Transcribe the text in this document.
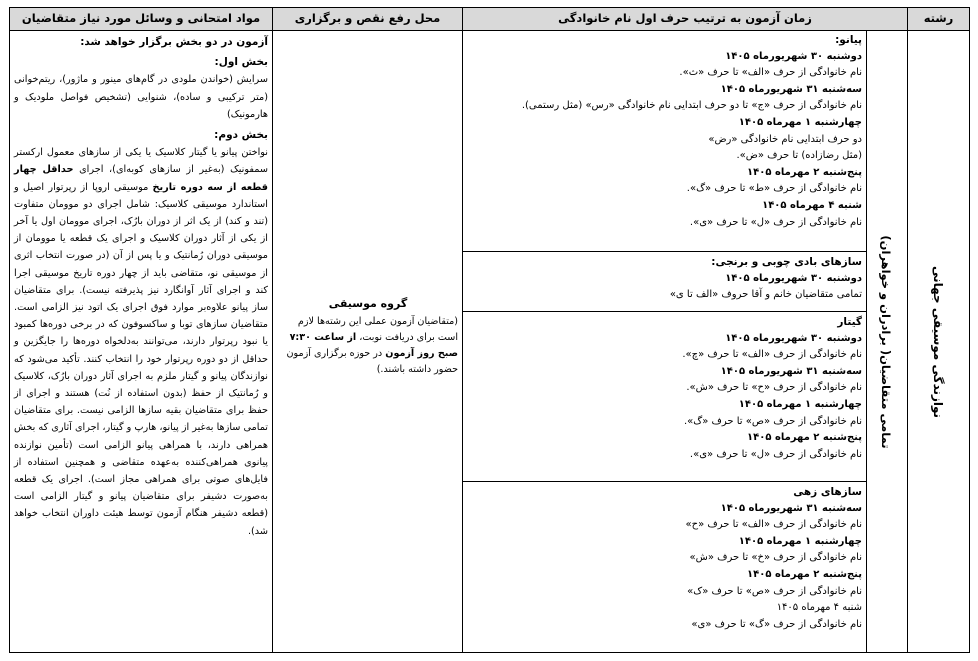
رشته
زمان آزمون به ترتیب حرف اول نام خانوادگی
محل رفع نقص و برگزاری
مواد امتحانی و وسائل مورد نیاز متقاضیان
نوازندگی موسیقی جهانی
تمامی متقاضیان( برادران و خواهران)
پیانو:
دوشنبه ۳۰ شهریورماه ۱۴۰۵
نام خانوادگی از حرف «الف» تا حرف «ث».
سه‌شنبه ۳۱ شهریورماه ۱۴۰۵
نام خانوادگی از حرف «ج» تا دو حرف ابتدایی نام خانوادگی «رس» (مثل رستمی).
چهارشنبه ۱ مهرماه ۱۴۰۵
دو حرف ابتدایی نام خانوادگی «رض»
(مثل رضازاده) تا حرف «ض».
پنج‌شنبه ۲ مهرماه ۱۴۰۵
نام خانوادگی از حرف «ط» تا حرف «گ».
شنبه ۴ مهرماه ۱۴۰۵
نام خانوادگی از حرف «ل» تا حرف «ی».
سازهای بادی چوبی و برنجی:
دوشنبه ۳۰ شهریورماه ۱۴۰۵
تمامی متقاضیان خانم و آقا حروف «الف تا ی»
گیتار
دوشنبه ۳۰ شهریورماه ۱۴۰۵
نام خانوادگی از حرف «الف» تا حرف «چ».
سه‌شنبه ۳۱ شهریورماه ۱۴۰۵
نام خانوادگی از حرف «ح» تا حرف «ش».
چهارشنبه ۱ مهرماه ۱۴۰۵
نام خانوادگی از حرف «ص» تا حرف «گ».
پنج‌شنبه ۲ مهرماه ۱۴۰۵
نام خانوادگی از حرف «ل» تا حرف «ی».
سازهای زهی
سه‌شنبه ۳۱ شهریورماه ۱۴۰۵
نام خانوادگی از حرف «الف» تا حرف «ح»
چهارشنبه ۱ مهرماه ۱۴۰۵
نام خانوادگی از حرف «خ» تا حرف «ش»
پنج‌شنبه ۲ مهرماه ۱۴۰۵
نام خانوادگی از حرف «ص» تا حرف «ک»
شنبه ۴ مهرماه ۱۴۰۵
نام خانوادگی از حرف «گ» تا حرف «ی»
گروه موسیقی
(متقاضیان آزمون عملی این رشته‌ها لازم است برای دریافت نوبت، از ساعت ۷:۳۰ صبح روز آزمون در حوزه برگزاری آزمون حضور داشته باشند.)

آزمون در دو بخش برگزار خواهد شد:

بخش اول:

سرایش (خواندن ملودی در گام‌های مینور و ماژور)، ریتم‌خوانی (متر ترکیبی و ساده)، شنوایی (تشخیص فواصل ملودیک و هارمونیک)

بخش دوم:

نواختن پیانو یا گیتار کلاسیک یا یکی از سازهای معمول ارکستر سمفونیک (به‌غیر از سازهای کوبه‌ای)، اجرای حداقل چهار قطعه از سه دوره تاریخ موسیقی اروپا از رپرتوار اصیل و استاندارد موسیقی کلاسیک: شامل اجرای دو موومان متفاوت (تند و کند) از یک اثر از دوران بارُک، اجرای موومان اول یا آخر از یکی از آثار دوران کلاسیک و اجرای یک قطعه یا موومان از موسیقی دوران رُمانتیک و یا پس از آن (در صورت انتخاب اثری از موسیقی نو، متقاضی باید از چهار دوره تاریخ موسیقی اجرا کند و اجرای آثار آوانگارد نیز پذیرفته نیست). برای متقاضیان ساز پیانو علاوه‌بر موارد فوق اجرای یک اتود نیز الزامی است. متقاضیان سازهای توبا و ساکسوفون که در برخی دوره‌ها کمبود یا نبود رپرتوار دارند، می‌توانند به‌دلخواه دوره‌ها را جایگزین و حداقل از دو دوره رپرتوار خود را انتخاب کنند. تأکید می‌شود که نوازندگان پیانو و گیتار ملزم به اجرای آثار دوران بارُک، کلاسیک و رُمانتیک از حفظ (بدون استفاده از نُت) هستند و اجرای از حفظ برای متقاضیان بقیه سازها الزامی نیست. برای متقاضیان تمامی سازها به‌غیر از پیانو، هارپ و گیتار، اجرای آثاری که بخش همراهی دارند، با همراهی پیانو الزامی است (تأمین نوازنده پیانوی همراهی‌کننده به‌عهده متقاضی و همچنین استفاده از فایل‌های صوتی برای همراهی مجاز است). اجرای یک قطعه به‌صورت دشیفر برای متقاضیان پیانو و گیتار الزامی است (قطعه دشیفر هنگام آزمون توسط هیئت داوران انتخاب خواهد شد).
